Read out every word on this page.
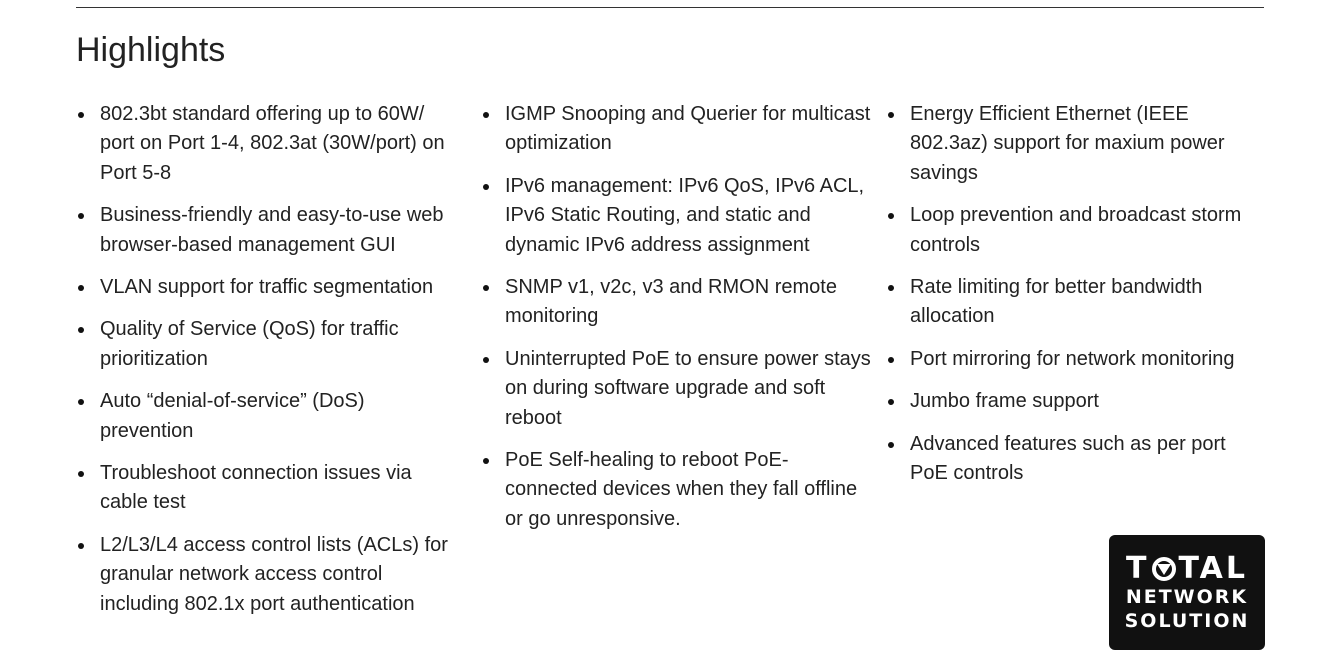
Highlights
802.3bt standard offering up to 60W/ port on Port 1-4, 802.3at (30W/port) on Port 5-8
Business-friendly and easy-to-use web browser-based management GUI
VLAN support for traffic segmentation
Quality of Service (QoS) for traffic prioritization
Auto “denial-of-service” (DoS) prevention
Troubleshoot connection issues via cable test
L2/L3/L4 access control lists (ACLs) for granular network access control including 802.1x port authentication
IGMP Snooping and Querier for multicast optimization
IPv6 management: IPv6 QoS, IPv6 ACL, IPv6 Static Routing, and static and dynamic IPv6 address assignment
SNMP v1, v2c, v3 and RMON remote monitoring
Uninterrupted PoE to ensure power stays on during software upgrade and soft reboot
PoE Self-healing to reboot PoE-connected devices when they fall offline or go unresponsive.
Energy Efficient Ethernet (IEEE 802.3az) support for maxium power savings
Loop prevention and broadcast storm controls
Rate limiting for better bandwidth allocation
Port mirroring for network monitoring
Jumbo frame support
Advanced features such as per port PoE controls
T TAL
NETWORK
SOLUTION
